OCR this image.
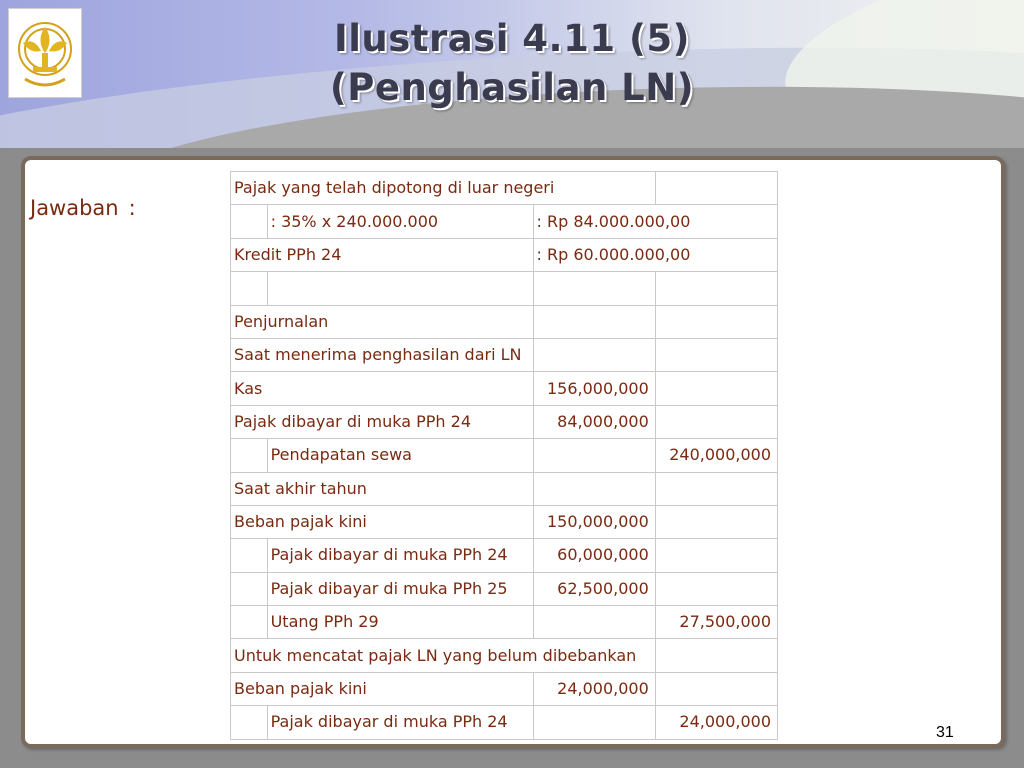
Ilustrasi 4.11 (5)
(Penghasilan LN)
Jawaban :
Pajak yang telah dipotong di luar negeri			
	: 35% x 240.000.000	: Rp 84.000.000,00	
Kredit PPh 24		: Rp 60.000.000,00	

Penjurnalan			
Saat menerima penghasilan dari LN			
Kas		156,000,000	
Pajak dibayar di muka PPh 24		84,000,000	
	Pendapatan sewa		240,000,000
Saat akhir tahun			
Beban pajak kini		150,000,000	
	Pajak dibayar di muka PPh 24	60,000,000	
	Pajak dibayar di muka PPh 25	62,500,000	
	Utang PPh 29		27,500,000
Untuk mencatat pajak LN yang belum dibebankan			
Beban pajak kini		24,000,000	
	Pajak dibayar di muka PPh 24		24,000,000
31
